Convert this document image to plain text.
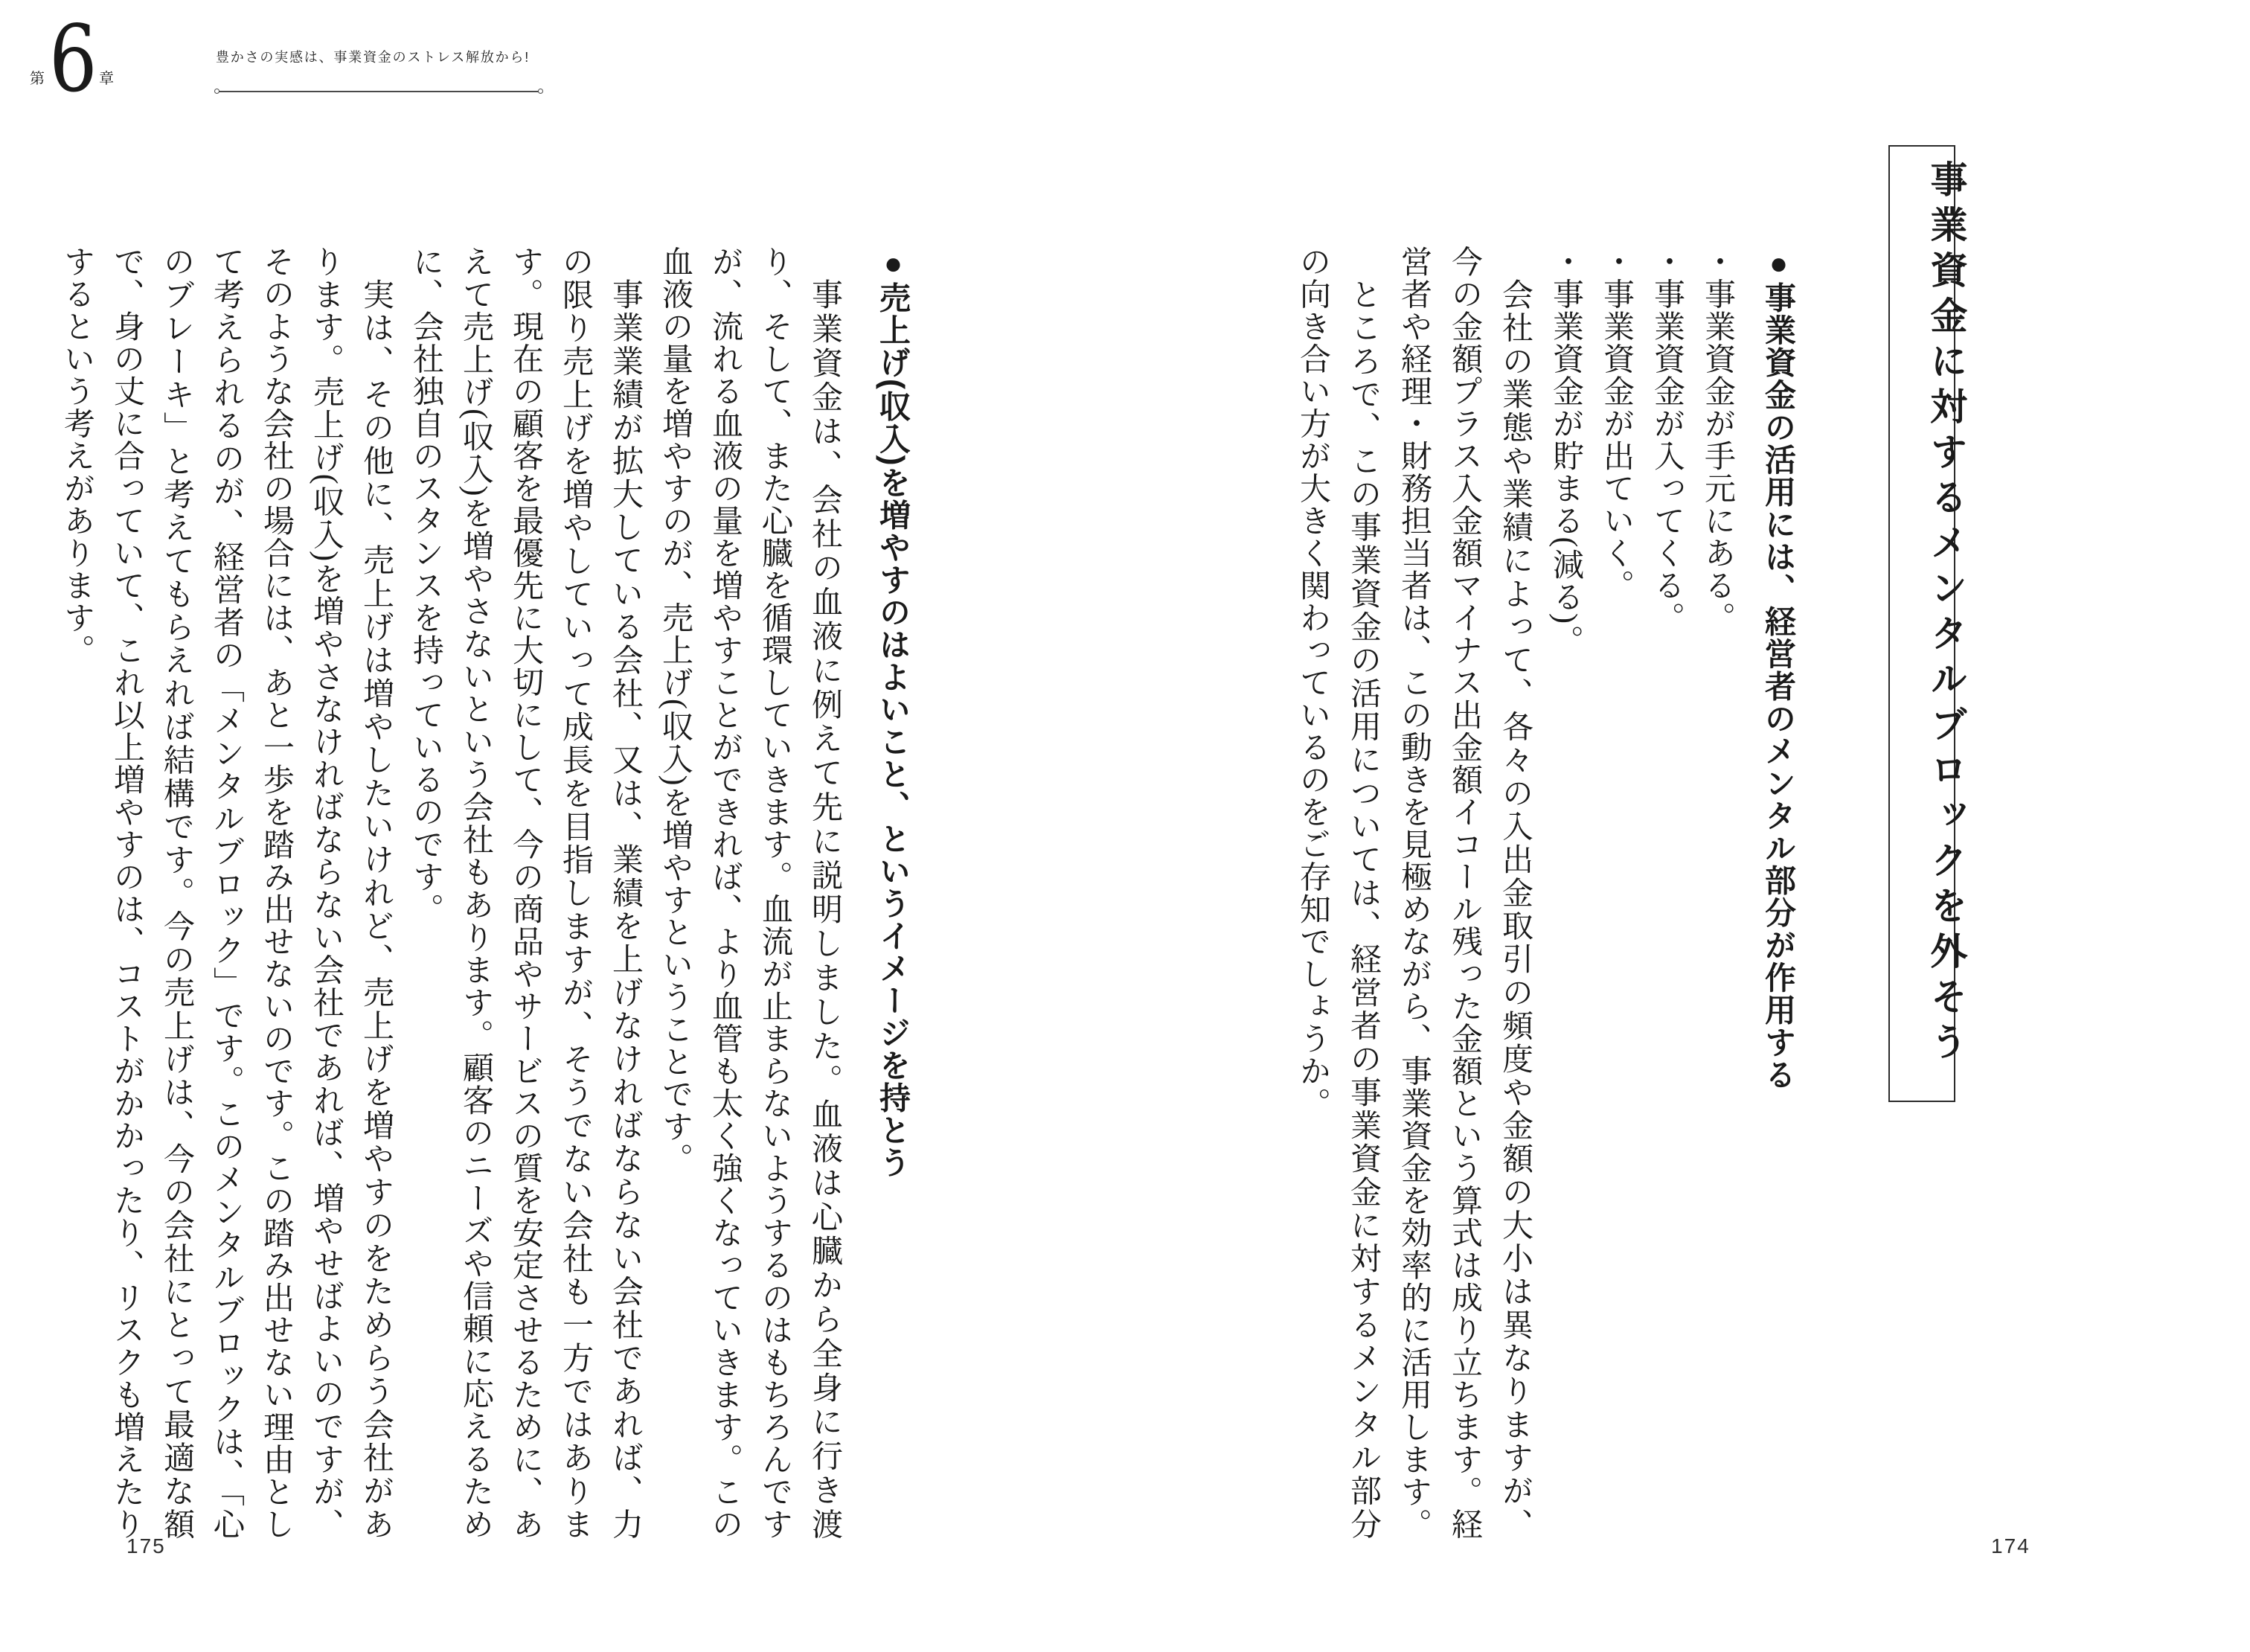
第 6 章
豊かさの実感は、事業資金のストレス解放から!
事業資金に対するメンタルブロックを外そう
●事業資金の活用には、経営者のメンタル部分が作用する

・事業資金が手元にある。

・事業資金が入ってくる。

・事業資金が出ていく。

・事業資金が貯まる(減る)。

会社の業態や業績によって、各々の入出金取引の頻度や金額の大小は異なりますが、今の金額プラス入金額マイナス出金額イコール残った金額という算式は成り立ちます。経営者や経理・財務担当者は、この動きを見極めながら、事業資金を効率的に活用します。

ところで、この事業資金の活用については、経営者の事業資金に対するメンタル部分の向き合い方が大きく関わっているのをご存知でしょうか。

174
●売上げ(収入)を増やすのはよいこと、というイメージを持とう

事業資金は、会社の血液に例えて先に説明しました。血液は心臓から全身に行き渡り、そして、また心臓を循環していきます。血流が止まらないようするのはもちろんですが、流れる血液の量を増やすことができれば、より血管も太く強くなっていきます。この血液の量を増やすのが、売上げ(収入)を増やすということです。

事業業績が拡大している会社、又は、業績を上げなければならない会社であれば、力の限り売上げを増やしていって成長を目指しますが、そうでない会社も一方ではあります。現在の顧客を最優先に大切にして、今の商品やサービスの質を安定させるために、あえて売上げ(収入)を増やさないという会社もあります。顧客のニーズや信頼に応えるために、会社独自のスタンスを持っているのです。

実は、その他に、売上げは増やしたいけれど、売上げを増やすのをためらう会社があります。売上げ(収入)を増やさなければならない会社であれば、増やせばよいのですが、そのような会社の場合には、あと一歩を踏み出せないのです。この踏み出せない理由として考えられるのが、経営者の「メンタルブロック」です。このメンタルブロックは、「心のブレーキ」と考えてもらえれば結構です。今の売上げは、今の会社にとって最適な額で、身の丈に合っていて、これ以上増やすのは、コストがかかったり、リスクも増えたりするという考えがあります。

175
